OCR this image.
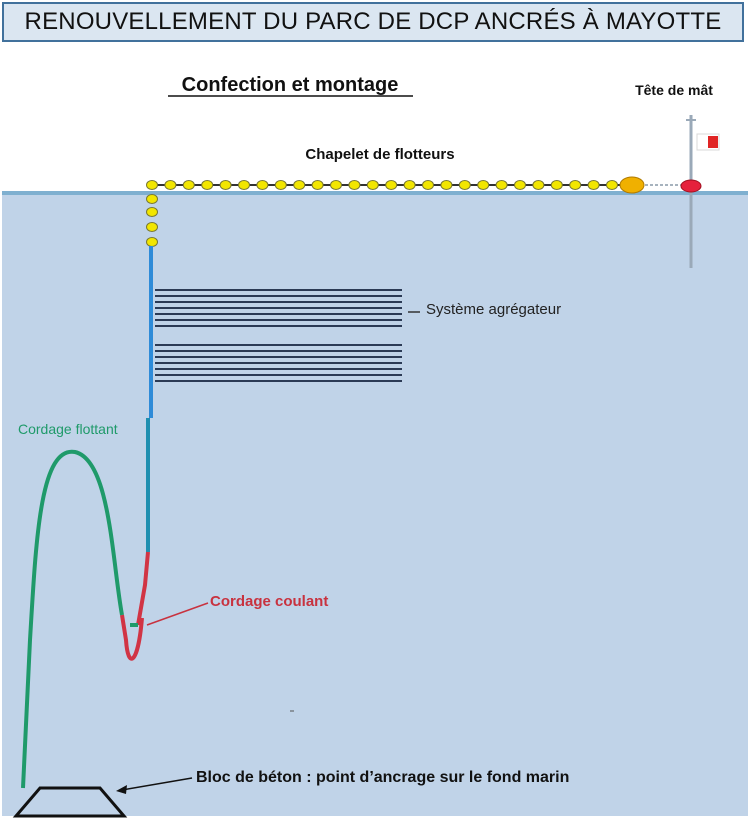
RENOUVELLEMENT DU PARC DE DCP ANCRÉS À MAYOTTE
Confection et montage
Chapelet de flotteurs
Tête de mât
Système agrégateur
Cordage flottant
Cordage coulant
Bloc de béton : point d’ancrage sur le fond marin
